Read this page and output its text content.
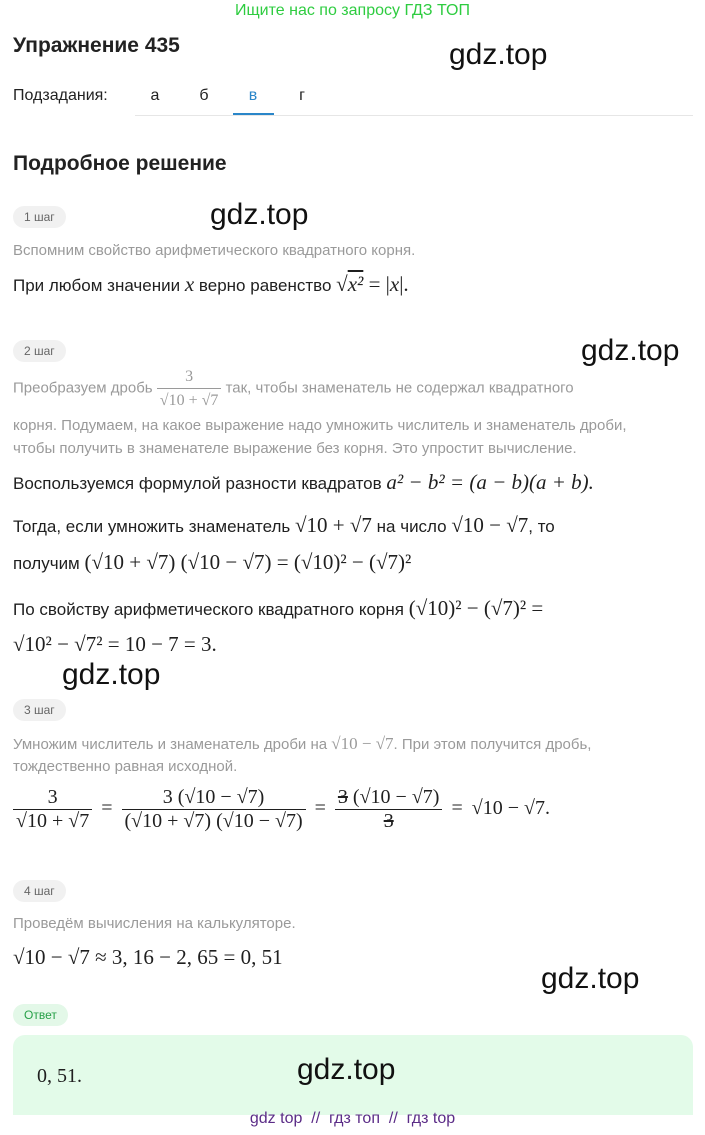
Ищите нас по запросу ГДЗ ТОП
Упражнение 435	gdz.top
gdz.top
gdz.top
gdz.top
gdz.top
gdz.top
Подзадания:	а	б	в	г
Подробное решение
1 шаг
Вспомним свойство арифметического квадратного корня.
При любом значении x верно равенство √x² = |x|.
2 шаг
Преобразуем дробь $\frac{3}{√10 + √7}$ так, чтобы знаменатель не содержал квадратного
корня. Подумаем, на какое выражение надо умножить числитель и знаменатель дроби,
чтобы получить в знаменателе выражение без корня. Это упростит вычисление.
Воспользуемся формулой разности квадратов a² − b² = (a − b)(a + b).
Тогда, если умножить знаменатель √10 + √7 на число √10 − √7, то
получим (√10 + √7) (√10 − √7) = (√10)² − (√7)²
По свойству арифметического квадратного корня (√10)² − (√7)² =
√10² − √7² = 10 − 7 = 3.
3 шаг
Умножим числитель и знаменатель дроби на √10 − √7. При этом получится дробь,
тождественно равная исходной.
$\frac{3}{√10 + √7} = \frac{3 (√10 - √7)}{(√10 + √7) (√10 - √7)} = \frac{3 (√10 - √7)}{3} = √10 - √7$.
4 шаг
Проведём вычисления на калькуляторе.
√10 − √7 ≈ 3, 16 − 2, 65 = 0, 51
Ответ
0, 51.
gdz top  //  гдз топ  //  гдз top
